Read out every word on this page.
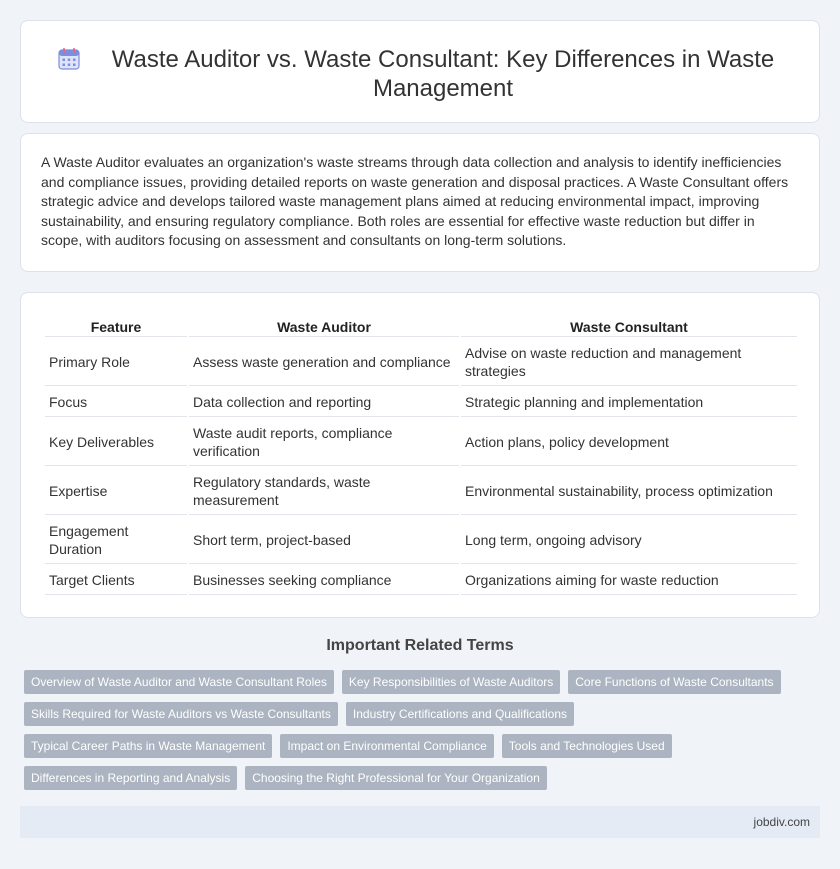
Waste Auditor vs. Waste Consultant: Key Differences in Waste Management

A Waste Auditor evaluates an organization's waste streams through data collection and analysis to identify inefficiencies and compliance issues, providing detailed reports on waste generation and disposal practices. A Waste Consultant offers strategic advice and develops tailored waste management plans aimed at reducing environmental impact, improving sustainability, and ensuring regulatory compliance. Both roles are essential for effective waste reduction but differ in scope, with auditors focusing on assessment and consultants on long-term solutions.

Feature	Waste Auditor	Waste Consultant
Primary Role	Assess waste generation and compliance	Advise on waste reduction and management strategies
Focus	Data collection and reporting	Strategic planning and implementation
Key Deliverables	Waste audit reports, compliance verification	Action plans, policy development
Expertise	Regulatory standards, waste measurement	Environmental sustainability, process optimization
Engagement Duration	Short term, project-based	Long term, ongoing advisory
Target Clients	Businesses seeking compliance	Organizations aiming for waste reduction
Important Related Terms
Overview of Waste Auditor and Waste Consultant Roles	Key Responsibilities of Waste Auditors	Core Functions of Waste Consultants
Skills Required for Waste Auditors vs Waste Consultants	Industry Certifications and Qualifications
Typical Career Paths in Waste Management	Impact on Environmental Compliance	Tools and Technologies Used
Differences in Reporting and Analysis	Choosing the Right Professional for Your Organization
jobdiv.com
